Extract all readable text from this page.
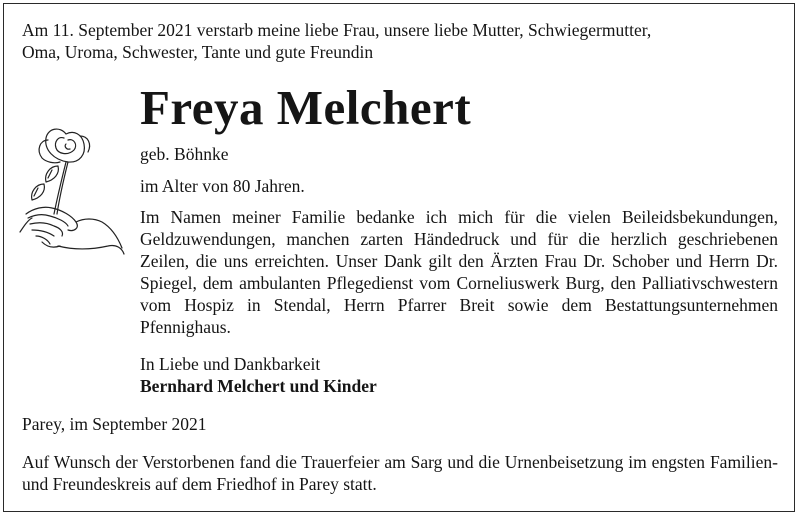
Am 11. September 2021 verstarb meine liebe Frau, unsere liebe Mutter, Schwiegermutter,
Oma, Uroma, Schwester, Tante und gute Freundin
Freya Melchert
geb. Böhnke
im Alter von 80 Jahren.
Im Namen meiner Familie bedanke ich mich für die vielen Beileidsbekundungen, Geldzuwendungen, manchen zarten Händedruck und für die herzlich geschriebenen Zeilen, die uns erreichten. Unser Dank gilt den Ärzten Frau Dr. Schober und Herrn Dr. Spiegel, dem ambulanten Pflegedienst vom Corneliuswerk Burg, den Palliativschwestern vom Hospiz in Stendal, Herrn Pfarrer Breit sowie dem Bestattungsunternehmen Pfennighaus.
In Liebe und Dankbarkeit
Bernhard Melchert und Kinder
Parey, im September 2021
Auf Wunsch der Verstorbenen fand die Trauerfeier am Sarg und die Urnenbeisetzung im engsten Familien- und Freundeskreis auf dem Friedhof in Parey statt.
